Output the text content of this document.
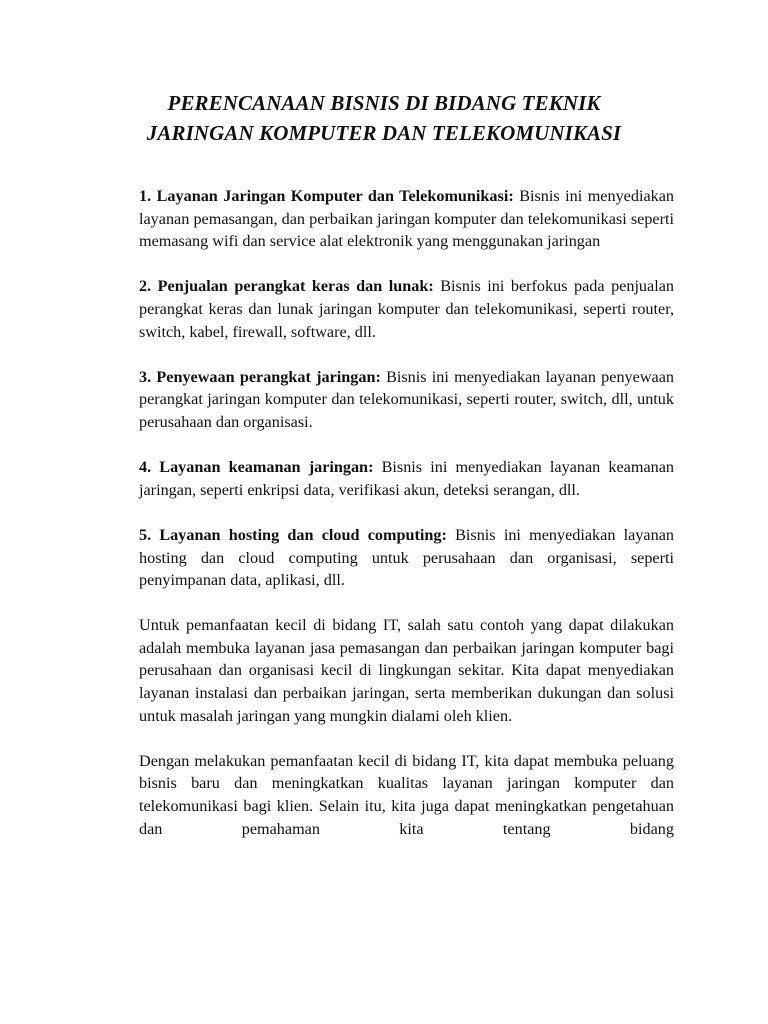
PERENCANAAN BISNIS DI BIDANG TEKNIK
JARINGAN KOMPUTER DAN TELEKOMUNIKASI

1. Layanan Jaringan Komputer dan Telekomunikasi: Bisnis ini menyediakan layanan pemasangan, dan perbaikan jaringan komputer dan telekomunikasi seperti memasang wifi dan service alat elektronik yang menggunakan jaringan

2. Penjualan perangkat keras dan lunak: Bisnis ini berfokus pada penjualan perangkat keras dan lunak jaringan komputer dan telekomunikasi, seperti router, switch, kabel, firewall, software, dll.

3. Penyewaan perangkat jaringan: Bisnis ini menyediakan layanan penyewaan perangkat jaringan komputer dan telekomunikasi, seperti router, switch, dll, untuk perusahaan dan organisasi.

4. Layanan keamanan jaringan: Bisnis ini menyediakan layanan keamanan jaringan, seperti enkripsi data, verifikasi akun, deteksi serangan, dll.

5. Layanan hosting dan cloud computing: Bisnis ini menyediakan layanan hosting dan cloud computing untuk perusahaan dan organisasi, seperti penyimpanan data, aplikasi, dll.

Untuk pemanfaatan kecil di bidang IT, salah satu contoh yang dapat dilakukan adalah membuka layanan jasa pemasangan dan perbaikan jaringan komputer bagi perusahaan dan organisasi kecil di lingkungan sekitar. Kita dapat menyediakan layanan instalasi dan perbaikan jaringan, serta memberikan dukungan dan solusi untuk masalah jaringan yang mungkin dialami oleh klien.

Dengan melakukan pemanfaatan kecil di bidang IT, kita dapat membuka peluang bisnis baru dan meningkatkan kualitas layanan jaringan komputer dan telekomunikasi bagi klien. Selain itu, kita juga dapat meningkatkan pengetahuan dan pemahaman kita tentang bidang
